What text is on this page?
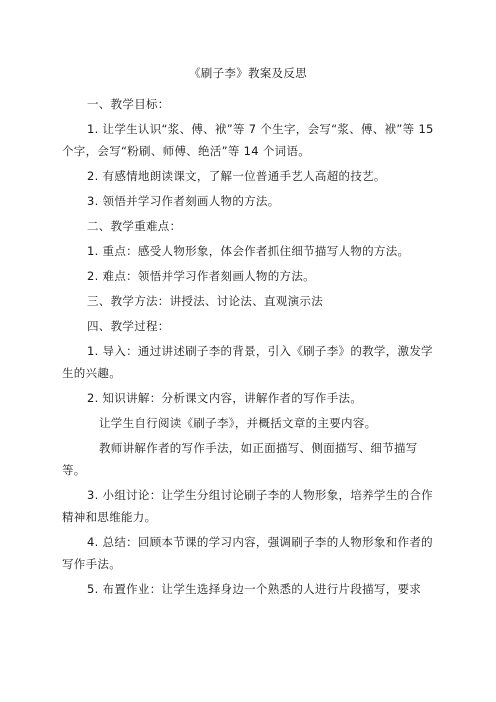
《刷子李》教案及反思
一、教学目标：
1. 让学生认识“浆、傅、袱”等 7 个生字，会写“浆、傅、袱”等 15 个字，会写“粉刷、师傅、绝活”等 14 个词语。
2. 有感情地朗读课文，了解一位普通手艺人高超的技艺。
3. 领悟并学习作者刻画人物的方法。
二、教学重难点：
1. 重点：感受人物形象，体会作者抓住细节描写人物的方法。
2. 难点：领悟并学习作者刻画人物的方法。
三、教学方法：讲授法、讨论法、直观演示法
四、教学过程：
1. 导入：通过讲述刷子李的背景，引入《刷子李》的教学，激发学生的兴趣。
2. 知识讲解：分析课文内容，讲解作者的写作手法。
让学生自行阅读《刷子李》，并概括文章的主要内容。
教师讲解作者的写作手法，如正面描写、侧面描写、细节描写等。
3. 小组讨论：让学生分组讨论刷子李的人物形象，培养学生的合作精神和思维能力。
4. 总结：回顾本节课的学习内容，强调刷子李的人物形象和作者的写作手法。
5. 布置作业：让学生选择身边一个熟悉的人进行片段描写，要求
